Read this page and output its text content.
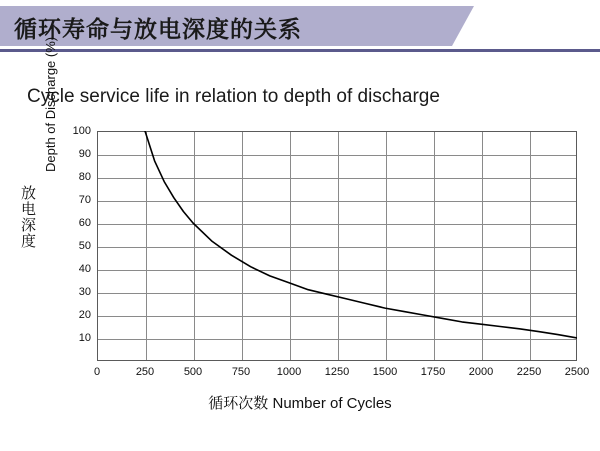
循环寿命与放电深度的关系
Cycle service life in relation to depth of discharge
0	250	500	750	1000	1250	1500	1750	2000	2250	2500
10
20
30
40
50
60
70
80
90
100
循环次数 Number of Cycles
放电深度
Depth of Discharge (%)
